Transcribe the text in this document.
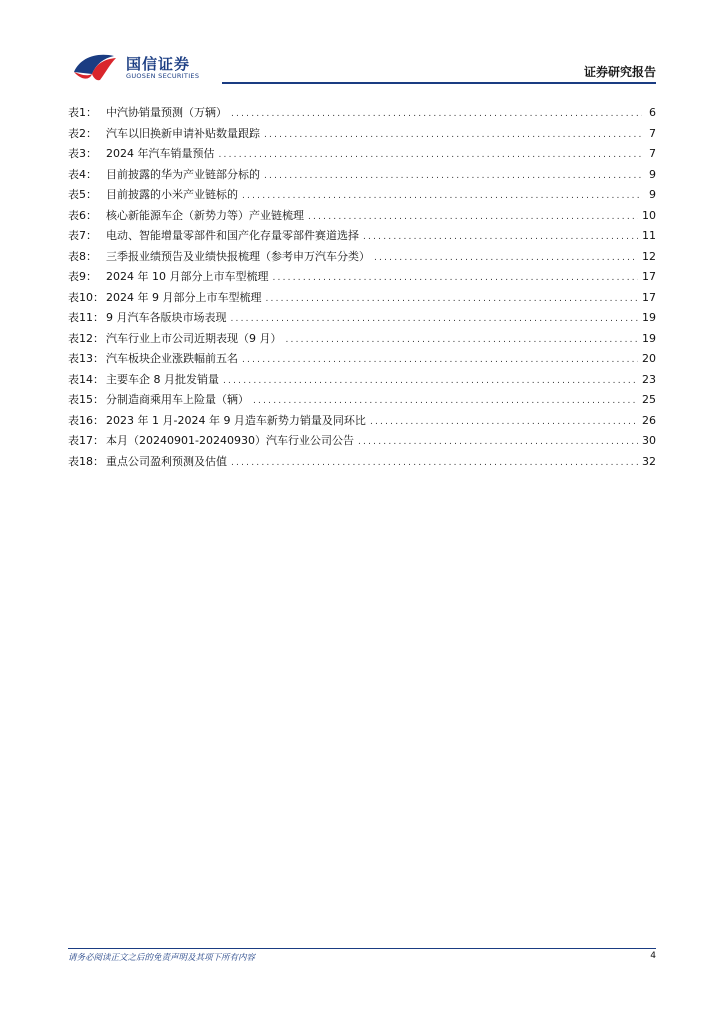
国信证券
GUOSEN SECURITIES	证券研究报告
表1： 中汽协销量预测（万辆） .....	6
表2： 汽车以旧换新申请补贴数量跟踪 .....	7
表3： 2024 年汽车销量预估 .....	7
表4： 目前披露的华为产业链部分标的 .....	9
表5： 目前披露的小米产业链标的 .....	9
表6： 核心新能源车企（新势力等）产业链梳理 .....	10
表7： 电动、智能增量零部件和国产化存量零部件赛道选择 .....	11
表8： 三季报业绩预告及业绩快报梳理（参考申万汽车分类） .....	12
表9： 2024 年 10 月部分上市车型梳理 .....	17
表10： 2024 年 9 月部分上市车型梳理 .....	17
表11： 9 月汽车各版块市场表现 .....	19
表12： 汽车行业上市公司近期表现（9 月） .....	19
表13： 汽车板块企业涨跌幅前五名 .....	20
表14： 主要车企 8 月批发销量 .....	23
表15： 分制造商乘用车上险量（辆） .....	25
表16： 2023 年 1 月-2024 年 9 月造车新势力销量及同环比 .....	26
表17： 本月（20240901-20240930）汽车行业公司公告 .....	30
表18： 重点公司盈利预测及估值 .....	32
请务必阅读正文之后的免责声明及其项下所有内容	4
